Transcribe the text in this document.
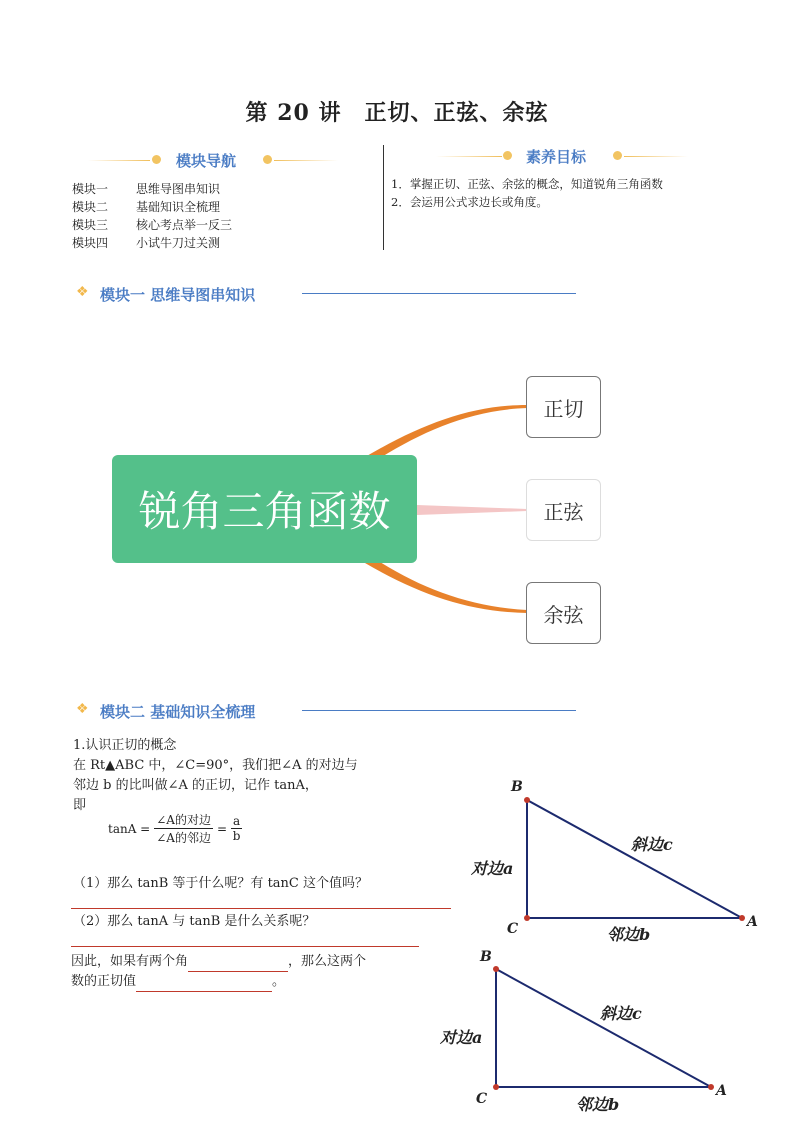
第 20 讲　正切、正弦、余弦
模块导航
模块一 思维导图串知识
模块二 基础知识全梳理
模块三 核心考点举一反三
模块四 小试牛刀过关测
素养目标
1．掌握正切、正弦、余弦的概念，知道锐角三角函数
2．会运用公式求边长或角度。
❖ 模块一 思维导图串知识
锐角三角函数
正切
正弦
余弦
❖ 模块二 基础知识全梳理
1.认识正切的概念
在 Rt▲ABC 中，∠C=90°，我们把∠A 的对边与
邻边 b 的比叫做∠A 的正切，记作 tanA，
即
$\tan A = \frac{\text{∠A的对边}}{\text{∠A的邻边}} = \frac{a}{b}$
（1）那么 tanB 等于什么呢？有 tanC 这个值吗？
（2）那么 tanA 与 tanB 是什么关系呢？
因此，如果有两个角	，那么这两个
数的正切值	。
B
C	A
对边a
邻边b
斜边c
B
C	A
对边a
邻边b
斜边c
